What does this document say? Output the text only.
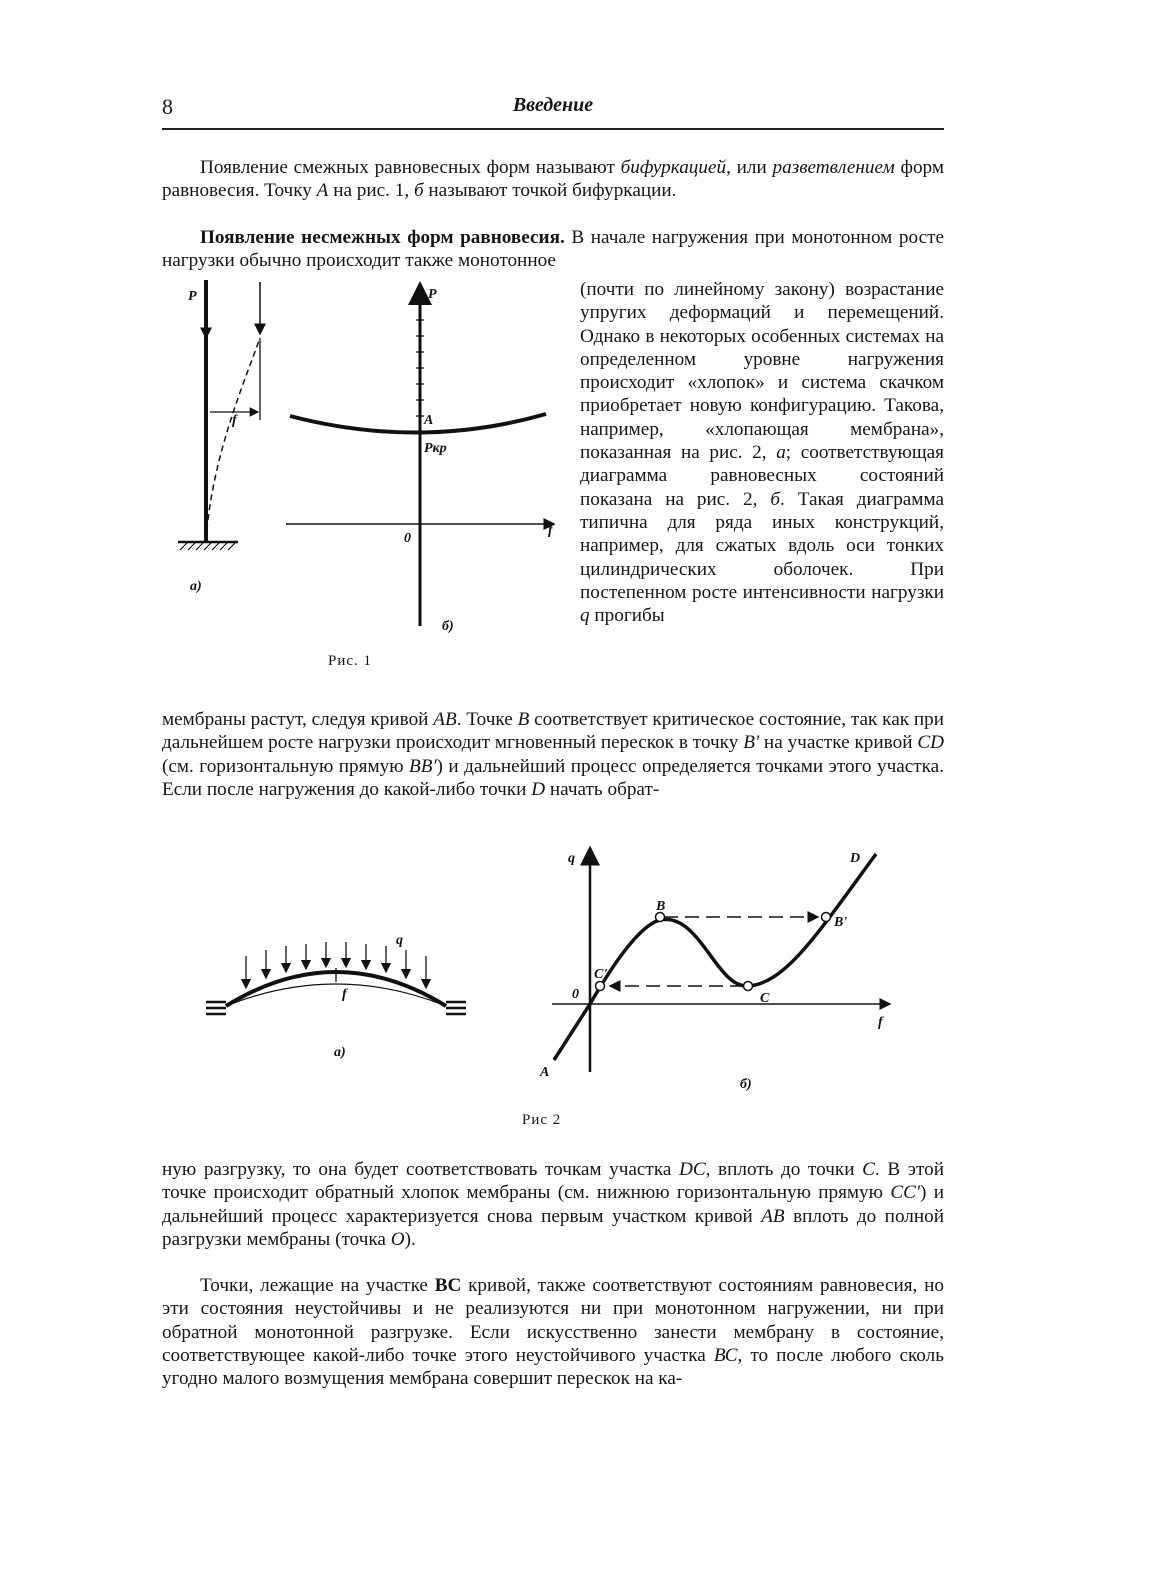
8	Введение

Появление смежных равновесных форм называют бифуркацией, или разветвлением форм равновесия. Точку А на рис. 1, б называют точкой бифуркации.

Появление несмежных форм равновесия. В начале нагружения при монотонном росте нагрузки обычно происходит также монотонное

(почти по линейному закону) возрастание упругих деформаций и перемещений. Однако в некоторых особенных системах на определенном уровне нагружения происходит «хлопок» и система скачком приобретает новую конфигурацию. Такова, например, «хлопающая мембрана», показанная на рис. 2, а; соответствующая диаграмма равновесных состояний показана на рис. 2, б. Такая диаграмма типична для ряда иных конструкций, например, для сжатых вдоль оси тонких цилиндрических оболочек. При постепенном росте интенсивности нагрузки q прогибы

мембраны растут, следуя кривой АВ. Точке В соответствует критическое состояние, так как при дальнейшем росте нагрузки происходит мгновенный перескок в точку В' на участке кривой CD (см. горизонтальную прямую ВВ') и дальнейший процесс определяется точками этого участка. Если после нагружения до какой-либо точки D начать обрат-

P
f
а)
P
A
Pкр
0
f
б)
Рис. 1
q
f
а)
q
f
A
0
C'
B
C
B'
D
б)
Рис 2

ную разгрузку, то она будет соответствовать точкам участка DC, вплоть до точки С. В этой точке происходит обратный хлопок мембраны (см. нижнюю горизонтальную прямую СС') и дальнейший процесс характеризуется снова первым участком кривой АВ вплоть до полной разгрузки мембраны (точка О).

Точки, лежащие на участке ВС кривой, также соответствуют состояниям равновесия, но эти состояния неустойчивы и не реализуются ни при монотонном нагружении, ни при обратной монотонной разгрузке. Если искусственно занести мембрану в состояние, соответствующее какой-либо точке этого неустойчивого участка ВС, то после любого сколь угодно малого возмущения мембрана совершит перескок на ка-
